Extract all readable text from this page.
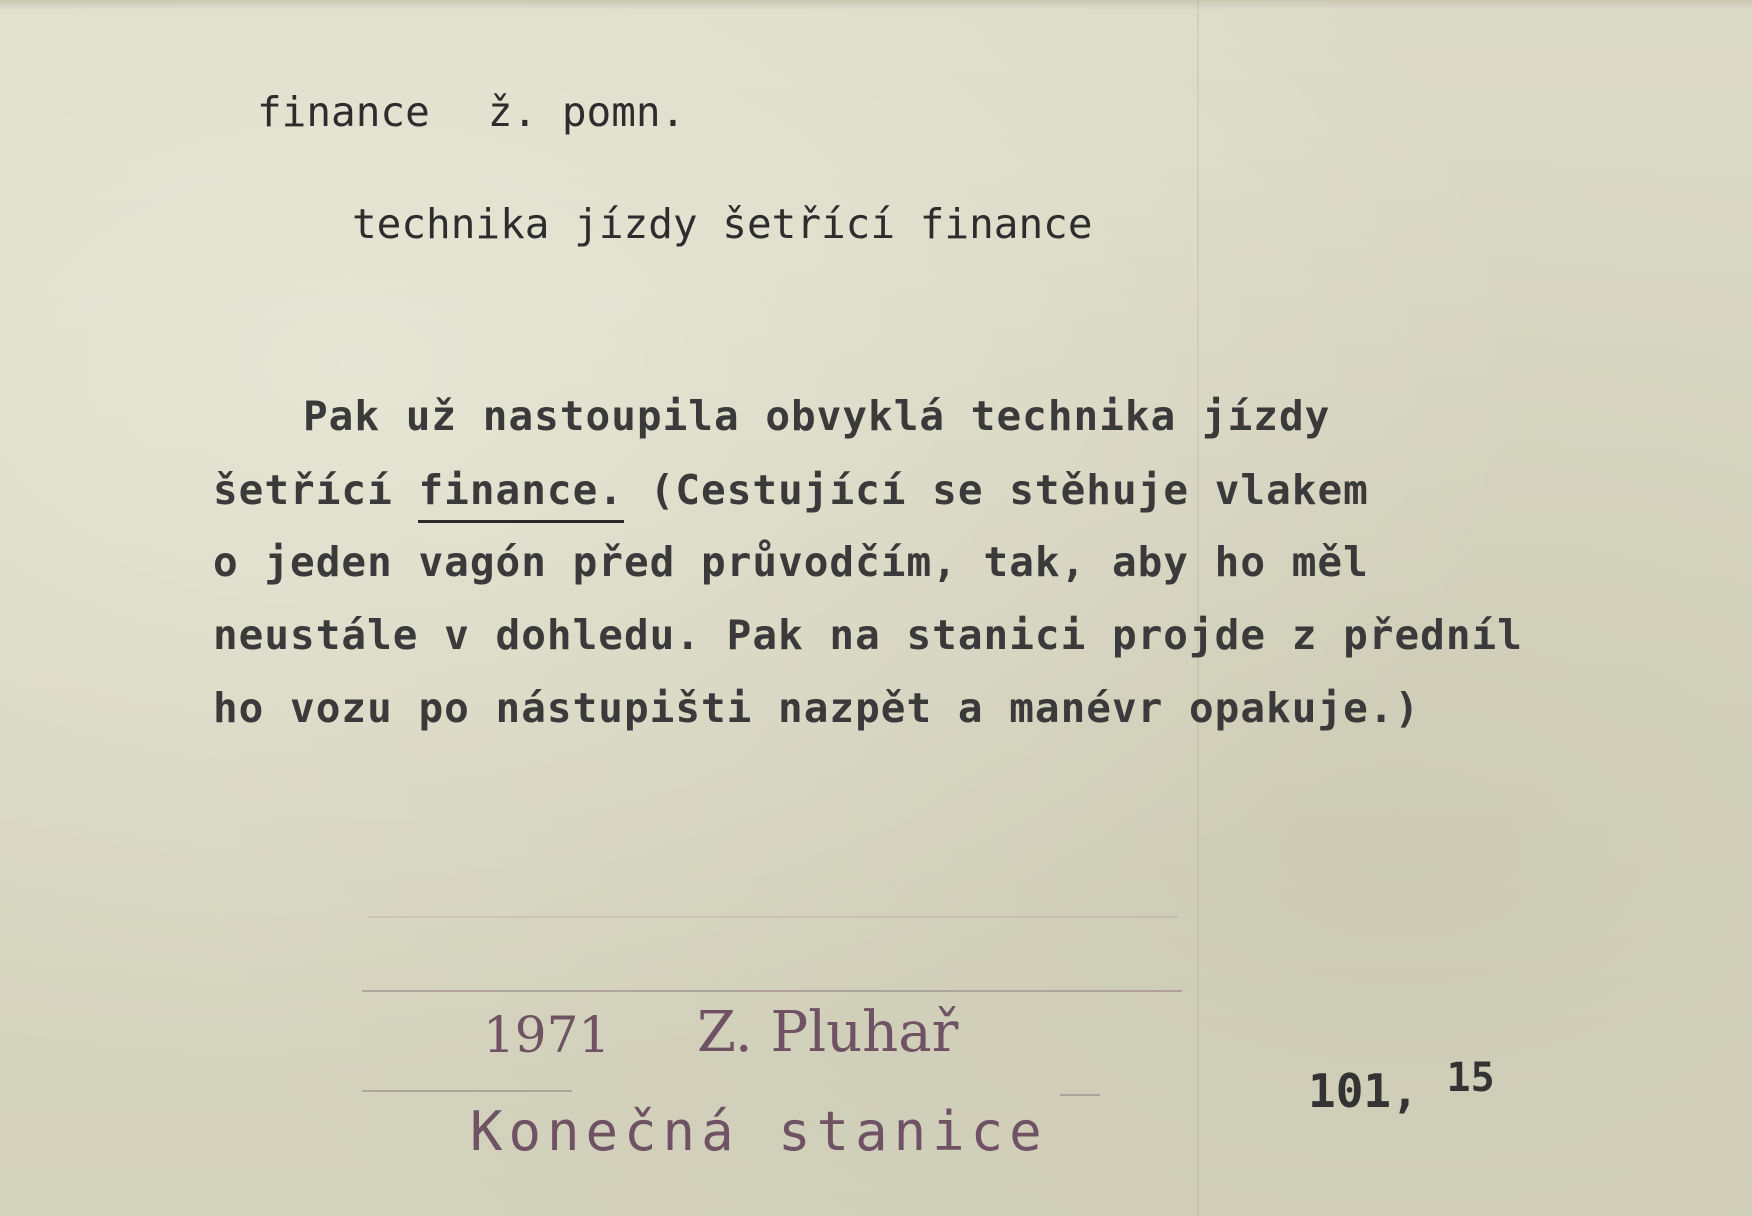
finance ž. pomn.

technika jízdy šetřící finance

Pak už nastoupila obvyklá technika jízdy

šetřící finance. (Cestující se stěhuje vlakem

o jeden vagón před průvodčím, tak, aby ho měl

neustále v dohledu. Pak na stanici projde z předníl

ho vozu po nástupišti nazpět a manévr opakuje.)

1971 Z. Pluhař
Konečná stanice
101, $^{15}$
